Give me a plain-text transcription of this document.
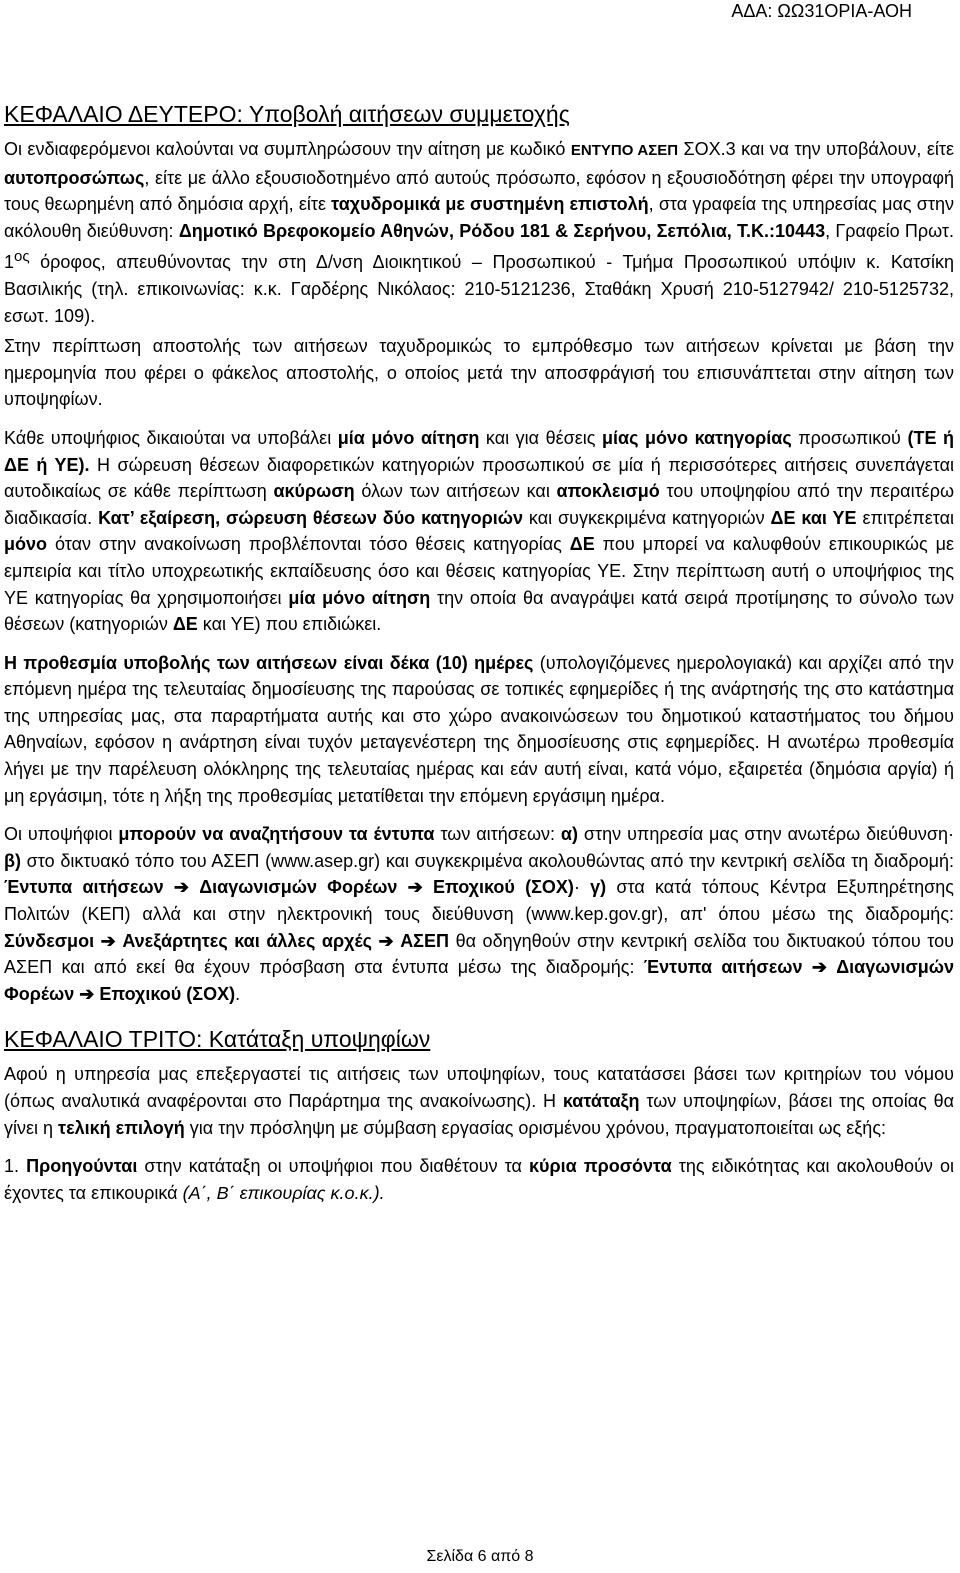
ΑΔΑ: ΩΩ31ΟΡΙΑ-ΑΟΗ
ΚΕΦΑΛΑΙΟ ΔΕΥΤΕΡΟ: Υποβολή αιτήσεων συμμετοχής

Οι ενδιαφερόμενοι καλούνται να συμπληρώσουν την αίτηση με κωδικό ΕΝΤΥΠΟ ΑΣΕΠ ΣΟΧ.3 και να την υποβάλουν, είτε αυτοπροσώπως, είτε με άλλο εξουσιοδοτημένο από αυτούς πρόσωπο, εφόσον η εξουσιοδότηση φέρει την υπογραφή τους θεωρημένη από δημόσια αρχή, είτε ταχυδρομικά με συστημένη επιστολή, στα γραφεία της υπηρεσίας μας στην ακόλουθη διεύθυνση: Δημοτικό Βρεφοκομείο Αθηνών, Ρόδου 181 & Σερήνου, Σεπόλια, Τ.Κ.:10443, Γραφείο Πρωτ. $1^{o\varsigma}$ όροφος, απευθύνοντας την στη Δ/νση Διοικητικού – Προσωπικού - Τμήμα Προσωπικού υπόψιν κ. Κατσίκη Βασιλικής (τηλ. επικοινωνίας: κ.κ. Γαρδέρης Νικόλαος: 210-5121236, Σταθάκη Χρυσή 210-5127942/ 210-5125732, εσωτ. 109).

Στην περίπτωση αποστολής των αιτήσεων ταχυδρομικώς το εμπρόθεσμο των αιτήσεων κρίνεται με βάση την ημερομηνία που φέρει ο φάκελος αποστολής, ο οποίος μετά την αποσφράγισή του επισυνάπτεται στην αίτηση των υποψηφίων.

Κάθε υποψήφιος δικαιούται να υποβάλει μία μόνο αίτηση και για θέσεις μίας μόνο κατηγορίας προσωπικού (ΤΕ ή ΔΕ ή ΥΕ). Η σώρευση θέσεων διαφορετικών κατηγοριών προσωπικού σε μία ή περισσότερες αιτήσεις συνεπάγεται αυτοδικαίως σε κάθε περίπτωση ακύρωση όλων των αιτήσεων και αποκλεισμό του υποψηφίου από την περαιτέρω διαδικασία. Κατ’ εξαίρεση, σώρευση θέσεων δύο κατηγοριών και συγκεκριμένα κατηγοριών ΔΕ και ΥΕ επιτρέπεται μόνο όταν στην ανακοίνωση προβλέπονται τόσο θέσεις κατηγορίας ΔΕ που μπορεί να καλυφθούν επικουρικώς με εμπειρία και τίτλο υποχρεωτικής εκπαίδευσης όσο και θέσεις κατηγορίας ΥΕ. Στην περίπτωση αυτή ο υποψήφιος της ΥΕ κατηγορίας θα χρησιμοποιήσει μία μόνο αίτηση την οποία θα αναγράψει κατά σειρά προτίμησης το σύνολο των θέσεων (κατηγοριών ΔΕ και ΥΕ) που επιδιώκει.

Η προθεσμία υποβολής των αιτήσεων είναι δέκα (10) ημέρες (υπολογιζόμενες ημερολογιακά) και αρχίζει από την επόμενη ημέρα της τελευταίας δημοσίευσης της παρούσας σε τοπικές εφημερίδες ή της ανάρτησής της στο κατάστημα της υπηρεσίας μας, στα παραρτήματα αυτής και στο χώρο ανακοινώσεων του δημοτικού καταστήματος του δήμου Αθηναίων, εφόσον η ανάρτηση είναι τυχόν μεταγενέστερη της δημοσίευσης στις εφημερίδες. Η ανωτέρω προθεσμία λήγει με την παρέλευση ολόκληρης της τελευταίας ημέρας και εάν αυτή είναι, κατά νόμο, εξαιρετέα (δημόσια αργία) ή μη εργάσιμη, τότε η λήξη της προθεσμίας μετατίθεται την επόμενη εργάσιμη ημέρα.

Οι υποψήφιοι μπορούν να αναζητήσουν τα έντυπα των αιτήσεων: α) στην υπηρεσία μας στην ανωτέρω διεύθυνση· β) στο δικτυακό τόπο του ΑΣΕΠ (www.asep.gr) και συγκεκριμένα ακολουθώντας από την κεντρική σελίδα τη διαδρομή: Έντυπα αιτήσεων ➔ Διαγωνισμών Φορέων ➔ Εποχικού (ΣΟΧ)· γ) στα κατά τόπους Κέντρα Εξυπηρέτησης Πολιτών (ΚΕΠ) αλλά και στην ηλεκτρονική τους διεύθυνση (www.kep.gov.gr), απ' όπου μέσω της διαδρομής: Σύνδεσμοι ➔ Ανεξάρτητες και άλλες αρχές ➔ ΑΣΕΠ θα οδηγηθούν στην κεντρική σελίδα του δικτυακού τόπου του ΑΣΕΠ και από εκεί θα έχουν πρόσβαση στα έντυπα μέσω της διαδρομής: Έντυπα αιτήσεων ➔ Διαγωνισμών Φορέων ➔ Εποχικού (ΣΟΧ).

ΚΕΦΑΛΑΙΟ ΤΡΙΤΟ: Κατάταξη υποψηφίων

Αφού η υπηρεσία μας επεξεργαστεί τις αιτήσεις των υποψηφίων, τους κατατάσσει βάσει των κριτηρίων του νόμου (όπως αναλυτικά αναφέρονται στο Παράρτημα της ανακοίνωσης). Η κατάταξη των υποψηφίων, βάσει της οποίας θα γίνει η τελική επιλογή για την πρόσληψη με σύμβαση εργασίας ορισμένου χρόνου, πραγματοποιείται ως εξής:

1. Προηγούνται στην κατάταξη οι υποψήφιοι που διαθέτουν τα κύρια προσόντα της ειδικότητας και ακολουθούν οι έχοντες τα επικουρικά (Α΄, Β΄ επικουρίας κ.ο.κ.).

Σελίδα 6 από 8
